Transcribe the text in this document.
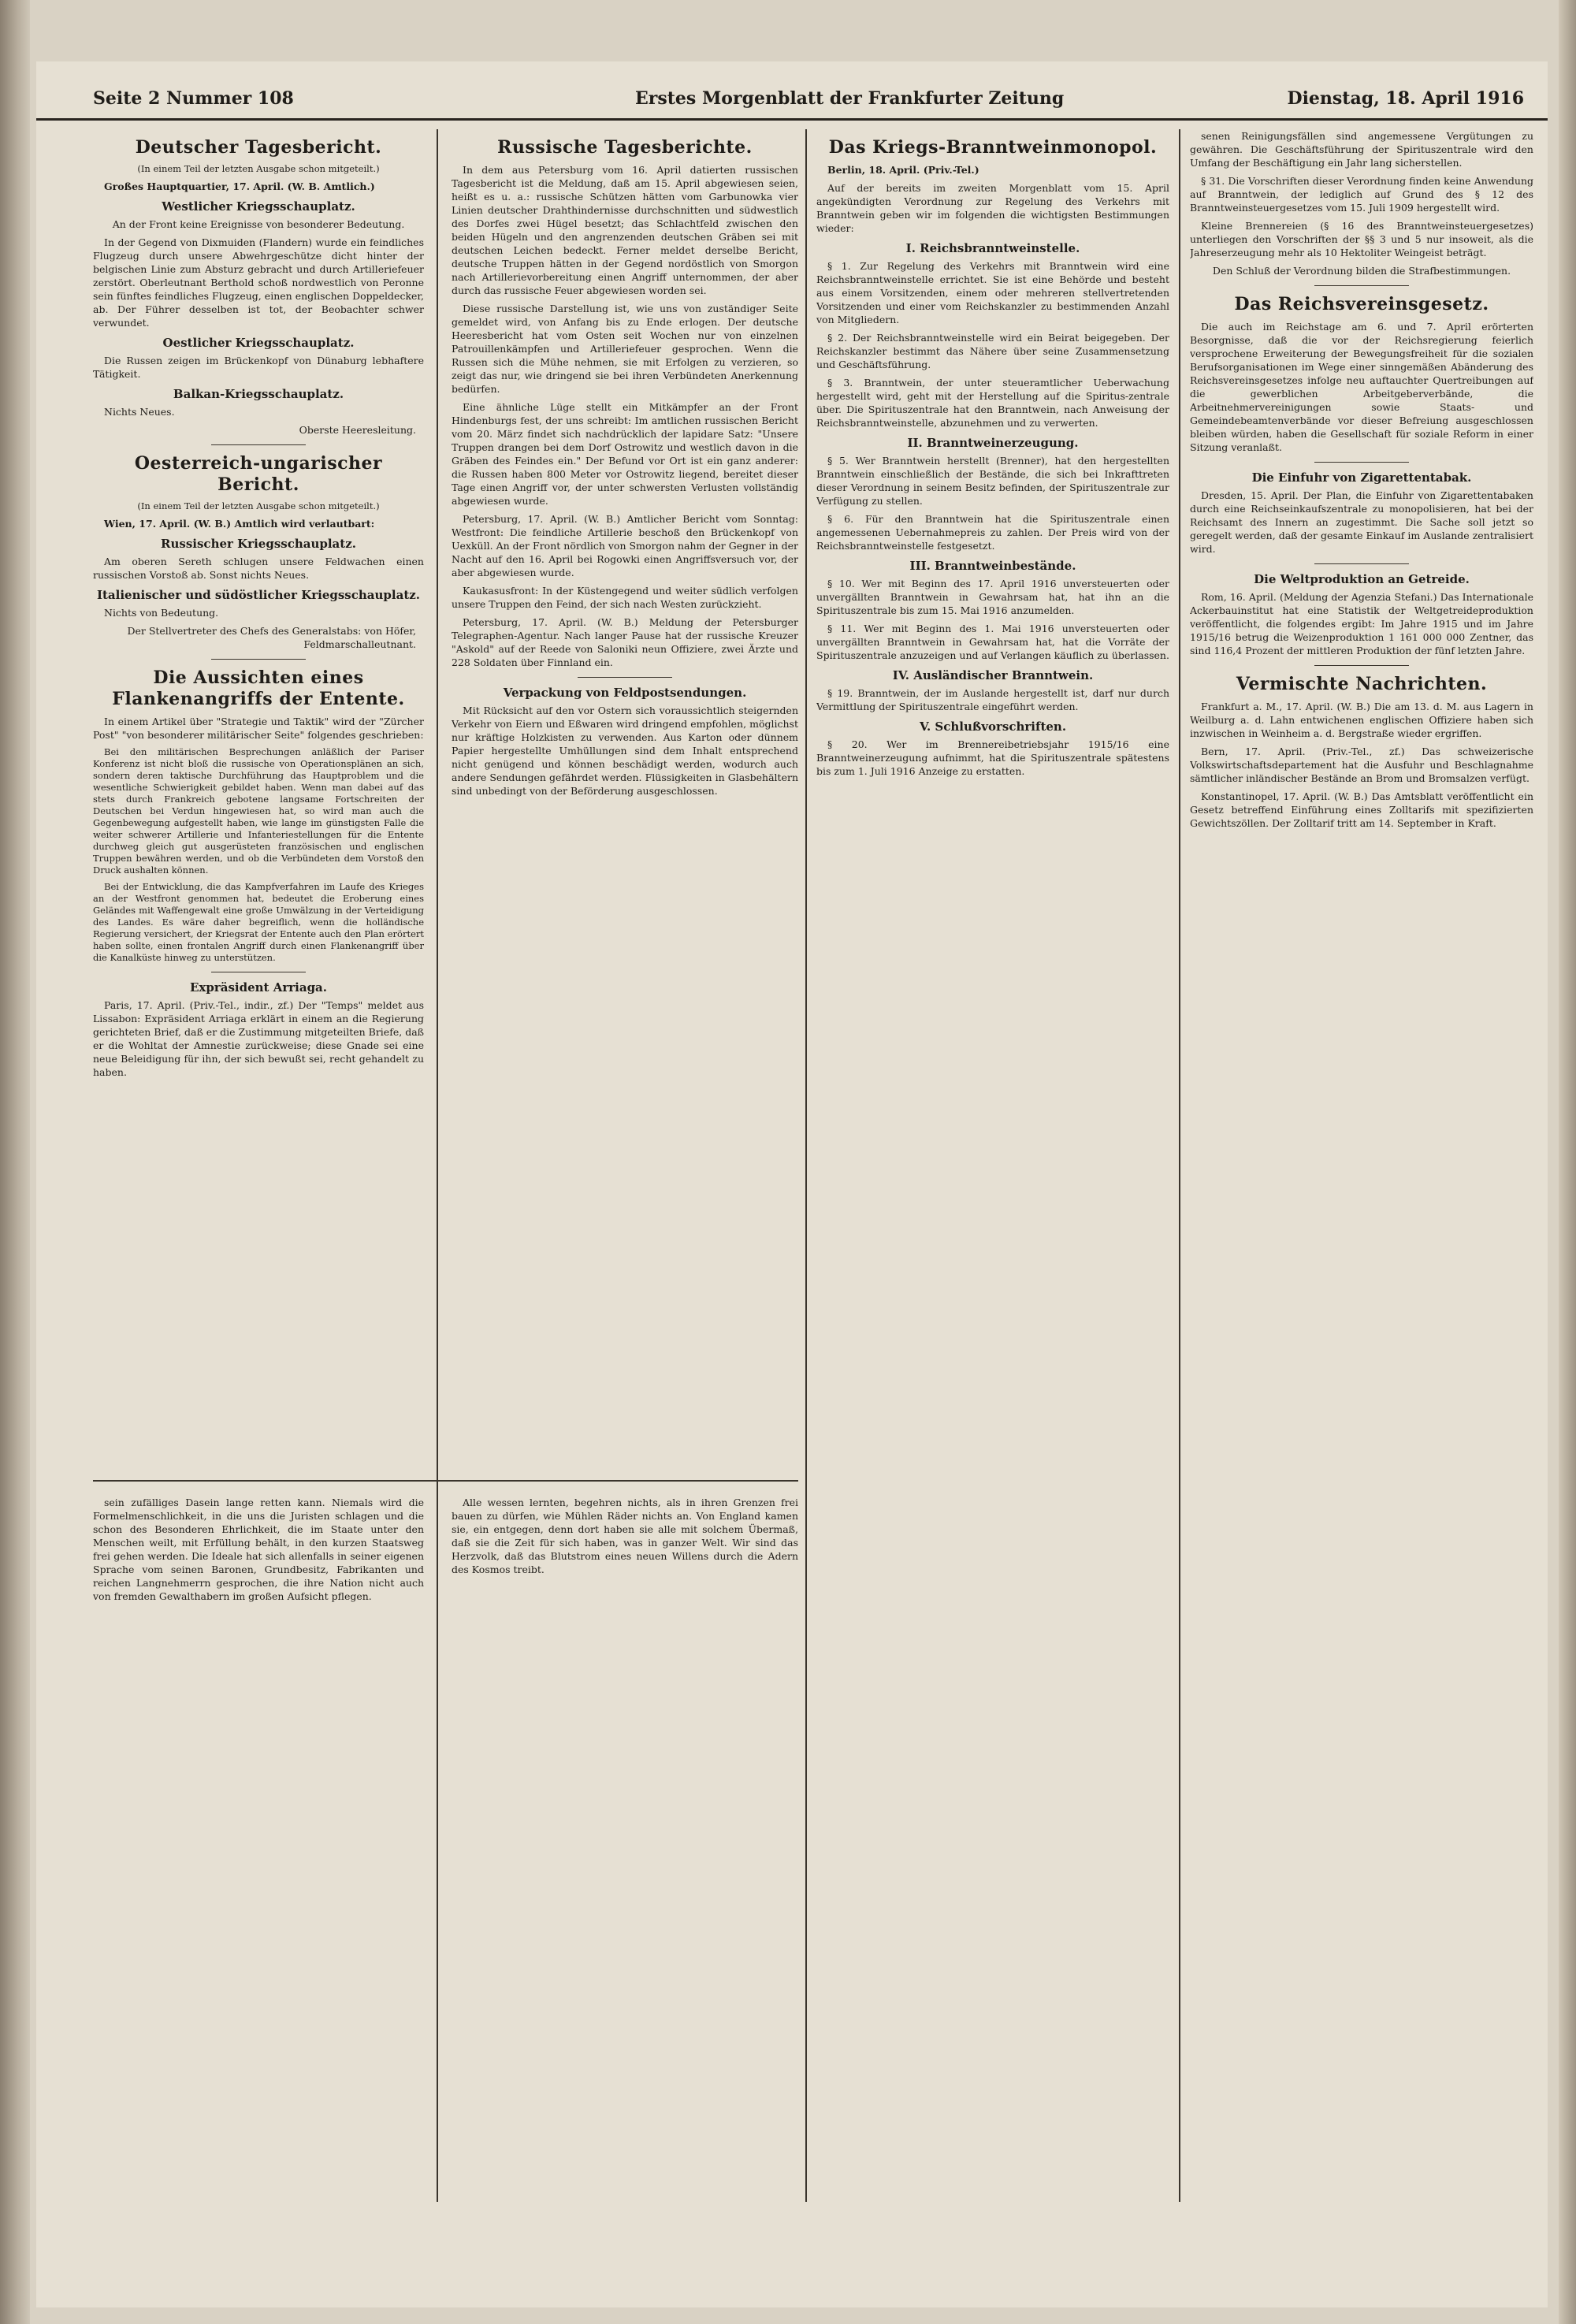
Seite 2 Nummer 108	Erstes Morgenblatt der Frankfurter Zeitung	Dienstag, 18. April 1916
Deutscher Tagesbericht.

(In einem Teil der letzten Ausgabe schon mitgeteilt.)

Großes Hauptquartier, 17. April. (W. B. Amtlich.)

Westlicher Kriegsschauplatz.

An der Front keine Ereignisse von besonderer Bedeutung.

In der Gegend von Dixmuiden (Flandern) wurde ein feindliches Flugzeug durch unsere Abwehrgeschütze dicht hinter der belgischen Linie zum Absturz gebracht und durch Artilleriefeuer zerstört. Oberleutnant Berthold schoß nordwestlich von Peronne sein fünftes feindliches Flugzeug, einen englischen Doppeldecker, ab. Der Führer desselben ist tot, der Beobachter schwer verwundet.

Oestlicher Kriegsschauplatz.

Die Russen zeigen im Brückenkopf von Dünaburg lebhaftere Tätigkeit.

Balkan-Kriegsschauplatz.

Nichts Neues.

Oberste Heeresleitung.

Oesterreich-ungarischer Bericht.

(In einem Teil der letzten Ausgabe schon mitgeteilt.)

Wien, 17. April. (W. B.) Amtlich wird verlautbart:

Russischer Kriegsschauplatz.

Am oberen Sereth schlugen unsere Feldwachen einen russischen Vorstoß ab. Sonst nichts Neues.

Italienischer und südöstlicher Kriegsschauplatz.

Nichts von Bedeutung.

Der Stellvertreter des Chefs des Generalstabs: von Höfer, Feldmarschalleutnant.

Die Aussichten eines Flankenangriffs der Entente.

In einem Artikel über "Strategie und Taktik" wird der "Zürcher Post" "von besonderer militärischer Seite" folgendes geschrieben:

Bei den militärischen Besprechungen anläßlich der Pariser Konferenz ist nicht bloß die russische von Operationsplänen an sich, sondern deren taktische Durchführung das Hauptproblem und die wesentliche Schwierigkeit gebildet haben. Wenn man dabei auf das stets durch Frankreich gebotene langsame Fortschreiten der Deutschen bei Verdun hingewiesen hat, so wird man auch die Gegenbewegung aufgestellt haben, wie lange im günstigsten Falle die weiter schwerer Artillerie und Infanteriestellungen für die Entente durchweg gleich gut ausgerüsteten französischen und englischen Truppen bewähren werden, und ob die Verbündeten dem Vorstoß den Druck aushalten können.

Bei der Entwicklung, die das Kampfverfahren im Laufe des Krieges an der Westfront genommen hat, bedeutet die Eroberung eines Geländes mit Waffengewalt eine große Umwälzung in der Verteidigung des Landes. Es wäre daher begreiflich, wenn die holländische Regierung versichert, der Kriegsrat der Entente auch den Plan erörtert haben sollte, einen frontalen Angriff durch einen Flankenangriff über die Kanalküste hinweg zu unterstützen.

Expräsident Arriaga.

Paris, 17. April. (Priv.-Tel., indir., zf.) Der "Temps" meldet aus Lissabon: Expräsident Arriaga erklärt in einem an die Regierung gerichteten Brief, daß er die Zustimmung mitgeteilten Briefe, daß er die Wohltat der Amnestie zurückweise; diese Gnade sei eine neue Beleidigung für ihn, der sich bewußt sei, recht gehandelt zu haben.

Russische Tagesberichte.

In dem aus Petersburg vom 16. April datierten russischen Tagesbericht ist die Meldung, daß am 15. April abgewiesen seien, heißt es u. a.: russische Schützen hätten vom Garbunowka vier Linien deutscher Drahthindernisse durchschnitten und südwestlich des Dorfes zwei Hügel besetzt; das Schlachtfeld zwischen den beiden Hügeln und den angrenzenden deutschen Gräben sei mit deutschen Leichen bedeckt. Ferner meldet derselbe Bericht, deutsche Truppen hätten in der Gegend nordöstlich von Smorgon nach Artillerievorbereitung einen Angriff unternommen, der aber durch das russische Feuer abgewiesen worden sei.

Diese russische Darstellung ist, wie uns von zuständiger Seite gemeldet wird, von Anfang bis zu Ende erlogen. Der deutsche Heeresbericht hat vom Osten seit Wochen nur von einzelnen Patrouillenkämpfen und Artilleriefeuer gesprochen. Wenn die Russen sich die Mühe nehmen, sie mit Erfolgen zu verzieren, so zeigt das nur, wie dringend sie bei ihren Verbündeten Anerkennung bedürfen.

Eine ähnliche Lüge stellt ein Mitkämpfer an der Front Hindenburgs fest, der uns schreibt: Im amtlichen russischen Bericht vom 20. März findet sich nachdrücklich der lapidare Satz: "Unsere Truppen drangen bei dem Dorf Ostrowitz und westlich davon in die Gräben des Feindes ein." Der Befund vor Ort ist ein ganz anderer: die Russen haben 800 Meter vor Ostrowitz liegend, bereitet dieser Tage einen Angriff vor, der unter schwersten Verlusten vollständig abgewiesen wurde.

Petersburg, 17. April. (W. B.) Amtlicher Bericht vom Sonntag: Westfront: Die feindliche Artillerie beschoß den Brückenkopf von Uexküll. An der Front nördlich von Smorgon nahm der Gegner in der Nacht auf den 16. April bei Rogowki einen Angriffsversuch vor, der aber abgewiesen wurde.

Kaukasusfront: In der Küstengegend und weiter südlich verfolgen unsere Truppen den Feind, der sich nach Westen zurückzieht.

Petersburg, 17. April. (W. B.) Meldung der Petersburger Telegraphen-Agentur. Nach langer Pause hat der russische Kreuzer "Askold" auf der Reede von Saloniki neun Offiziere, zwei Ärzte und 228 Soldaten über Finnland ein.

Verpackung von Feldpostsendungen.

Mit Rücksicht auf den vor Ostern sich voraussichtlich steigernden Verkehr von Eiern und Eßwaren wird dringend empfohlen, möglichst nur kräftige Holzkisten zu verwenden. Aus Karton oder dünnem Papier hergestellte Umhüllungen sind dem Inhalt entsprechend nicht genügend und können beschädigt werden, wodurch auch andere Sendungen gefährdet werden. Flüssigkeiten in Glasbehältern sind unbedingt von der Beförderung ausgeschlossen.

sein zufälliges Dasein lange retten kann. Niemals wird die Formelmenschlichkeit, in die uns die Juristen schlagen und die schon des Besonderen Ehrlichkeit, die im Staate unter den Menschen weilt, mit Erfüllung behält, in den kurzen Staatsweg frei gehen werden. Die Ideale hat sich allenfalls in seiner eigenen Sprache vom seinen Baronen, Grundbesitz, Fabrikanten und reichen Langnehmerrn gesprochen, die ihre Nation nicht auch von fremden Gewalthabern im großen Aufsicht pflegen.

Alle wessen lernten, begehren nichts, als in ihren Grenzen frei bauen zu dürfen, wie Mühlen Räder nichts an. Von England kamen sie, ein entgegen, denn dort haben sie alle mit solchem Übermaß, daß sie die Zeit für sich haben, was in ganzer Welt. Wir sind das Herzvolk, daß das Blutstrom eines neuen Willens durch die Adern des Kosmos treibt.

Das Kriegs-Branntweinmonopol.

Berlin, 18. April. (Priv.-Tel.)

Auf der bereits im zweiten Morgenblatt vom 15. April angekündigten Verordnung zur Regelung des Verkehrs mit Branntwein geben wir im folgenden die wichtigsten Bestimmungen wieder:

I. Reichsbranntweinstelle.

§ 1. Zur Regelung des Verkehrs mit Branntwein wird eine Reichsbranntweinstelle errichtet. Sie ist eine Behörde und besteht aus einem Vorsitzenden, einem oder mehreren stellvertretenden Vorsitzenden und einer vom Reichskanzler zu bestimmenden Anzahl von Mitgliedern.

§ 2. Der Reichsbranntweinstelle wird ein Beirat beigegeben. Der Reichskanzler bestimmt das Nähere über seine Zusammensetzung und Geschäftsführung.

§ 3. Branntwein, der unter steueramtlicher Ueberwachung hergestellt wird, geht mit der Herstellung auf die Spiritus-zentrale über. Die Spirituszentrale hat den Branntwein, nach Anweisung der Reichsbranntweinstelle, abzunehmen und zu verwerten.

II. Branntweinerzeugung.

§ 5. Wer Branntwein herstellt (Brenner), hat den hergestellten Branntwein einschließlich der Bestände, die sich bei Inkrafttreten dieser Verordnung in seinem Besitz befinden, der Spirituszentrale zur Verfügung zu stellen.

§ 6. Für den Branntwein hat die Spirituszentrale einen angemessenen Uebernahmepreis zu zahlen. Der Preis wird von der Reichsbranntweinstelle festgesetzt.

III. Branntweinbestände.

§ 10. Wer mit Beginn des 17. April 1916 unversteuerten oder unvergällten Branntwein in Gewahrsam hat, hat ihn an die Spirituszentrale bis zum 15. Mai 1916 anzumelden.

§ 11. Wer mit Beginn des 1. Mai 1916 unversteuerten oder unvergällten Branntwein in Gewahrsam hat, hat die Vorräte der Spirituszentrale anzuzeigen und auf Verlangen käuflich zu überlassen.

IV. Ausländischer Branntwein.

§ 19. Branntwein, der im Auslande hergestellt ist, darf nur durch Vermittlung der Spirituszentrale eingeführt werden.

V. Schlußvorschriften.

§ 20. Wer im Brennereibetriebsjahr 1915/16 eine Branntweinerzeugung aufnimmt, hat die Spirituszentrale spätestens bis zum 1. Juli 1916 Anzeige zu erstatten.

senen Reinigungsfällen sind angemessene Vergütungen zu gewähren. Die Geschäftsführung der Spirituszentrale wird den Umfang der Beschäftigung ein Jahr lang sicherstellen.

§ 31. Die Vorschriften dieser Verordnung finden keine Anwendung auf Branntwein, der lediglich auf Grund des § 12 des Branntweinsteuergesetzes vom 15. Juli 1909 hergestellt wird.

Kleine Brennereien (§ 16 des Branntweinsteuergesetzes) unterliegen den Vorschriften der §§ 3 und 5 nur insoweit, als die Jahreserzeugung mehr als 10 Hektoliter Weingeist beträgt.

Den Schluß der Verordnung bilden die Strafbestimmungen.

Das Reichsvereinsgesetz.

Die auch im Reichstage am 6. und 7. April erörterten Besorgnisse, daß die vor der Reichsregierung feierlich versprochene Erweiterung der Bewegungsfreiheit für die sozialen Berufsorganisationen im Wege einer sinngemäßen Abänderung des Reichsvereinsgesetzes infolge neu auftauchter Quertreibungen auf die gewerblichen Arbeitgeberverbände, die Arbeitnehmervereinigungen sowie Staats- und Gemeindebeamtenverbände vor dieser Befreiung ausgeschlossen bleiben würden, haben die Gesellschaft für soziale Reform in einer Sitzung veranlaßt.

Die Einfuhr von Zigarettentabak.

Dresden, 15. April. Der Plan, die Einfuhr von Zigarettentabaken durch eine Reichseinkaufszentrale zu monopolisieren, hat bei der Reichsamt des Innern an zugestimmt. Die Sache soll jetzt so geregelt werden, daß der gesamte Einkauf im Auslande zentralisiert wird.

Die Weltproduktion an Getreide.

Rom, 16. April. (Meldung der Agenzia Stefani.) Das Internationale Ackerbauinstitut hat eine Statistik der Weltgetreideproduktion veröffentlicht, die folgendes ergibt: Im Jahre 1915 und im Jahre 1915/16 betrug die Weizenproduktion 1 161 000 000 Zentner, das sind 116,4 Prozent der mittleren Produktion der fünf letzten Jahre.

Vermischte Nachrichten.

Frankfurt a. M., 17. April. (W. B.) Die am 13. d. M. aus Lagern in Weilburg a. d. Lahn entwichenen englischen Offiziere haben sich inzwischen in Weinheim a. d. Bergstraße wieder ergriffen.

Bern, 17. April. (Priv.-Tel., zf.) Das schweizerische Volkswirtschaftsdepartement hat die Ausfuhr und Beschlagnahme sämtlicher inländischer Bestände an Brom und Bromsalzen verfügt.

Konstantinopel, 17. April. (W. B.) Das Amtsblatt veröffentlicht ein Gesetz betreffend Einführung eines Zolltarifs mit spezifizierten Gewichtszöllen. Der Zolltarif tritt am 14. September in Kraft.
